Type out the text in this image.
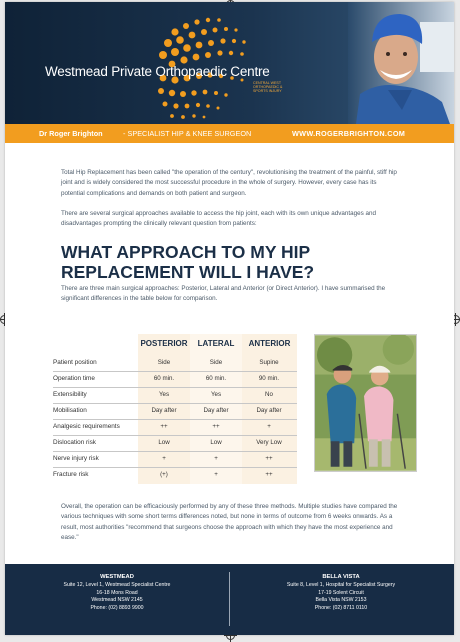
Westmead Private Orthopaedic Centre
CENTRAL WEST ORTHOPAEDIC & SPORTS INJURY
Dr Roger Brighton	- SPECIALIST HIP & KNEE SURGEON	WWW.ROGERBRIGHTON.COM
Total Hip Replacement has been called "the operation of the century", revolutionising the treatment of the painful, stiff hip joint and is widely considered the most successful procedure in the whole of surgery. However, every case has its potential complications and demands on both patient and surgeon.
There are several surgical approaches available to access the hip joint, each with its own unique advantages and disadvantages prompting the clinically relevant question from patients:
WHAT APPROACH TO MY HIP REPLACEMENT WILL I HAVE?
There are three main surgical approaches: Posterior, Lateral and Anterior (or Direct Anterior). I have summarised the significant differences in the table below for comparison.
POSTERIOR	LATERAL	ANTERIOR
Patient position	Side	Side	Supine
Operation time	60 min.	60 min.	90 min.
Extensibility	Yes	Yes	No
Mobilisation	Day after	Day after	Day after
Analgesic requirements	++	++	+
Dislocation risk	Low	Low	Very Low
Nerve injury risk	+	+	++
Fracture risk	(+)	+	++
Overall, the operation can be efficaciously performed by any of these three methods. Multiple studies have compared the various techniques with some short terms differences noted, but none in terms of outcome from 6 weeks onwards. As a result, most authorities "recommend that surgeons choose the approach with which they have the most experience and ease."
WESTMEAD
Suite 12, Level 1, Westmead Specialist Centre
16-18 Mons Road
Westmead NSW 2145
Phone: (02) 8893 9900
BELLA VISTA
Suite 8, Level 1, Hospital for Specialist Surgery
17-19 Solent Circuit
Bella Vista NSW 2153
Phone: (02) 8711 0110
